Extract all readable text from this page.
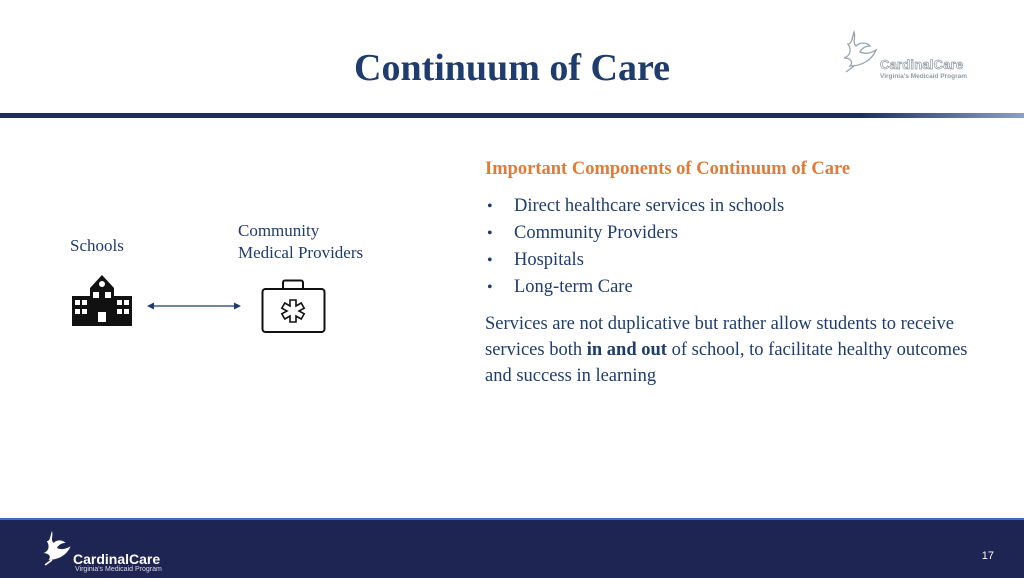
Continuum of Care	CardinalCare
Virginia's Medicaid Program
Schools
Community
Medical Providers
Important Components of Continuum of Care
• Direct healthcare services in schools
• Community Providers
• Hospitals
• Long-term Care

Services are not duplicative but rather allow students to receive services both in and out of school, to facilitate healthy outcomes and success in learning

CardinalCare
Virginia's Medicaid Program
17
